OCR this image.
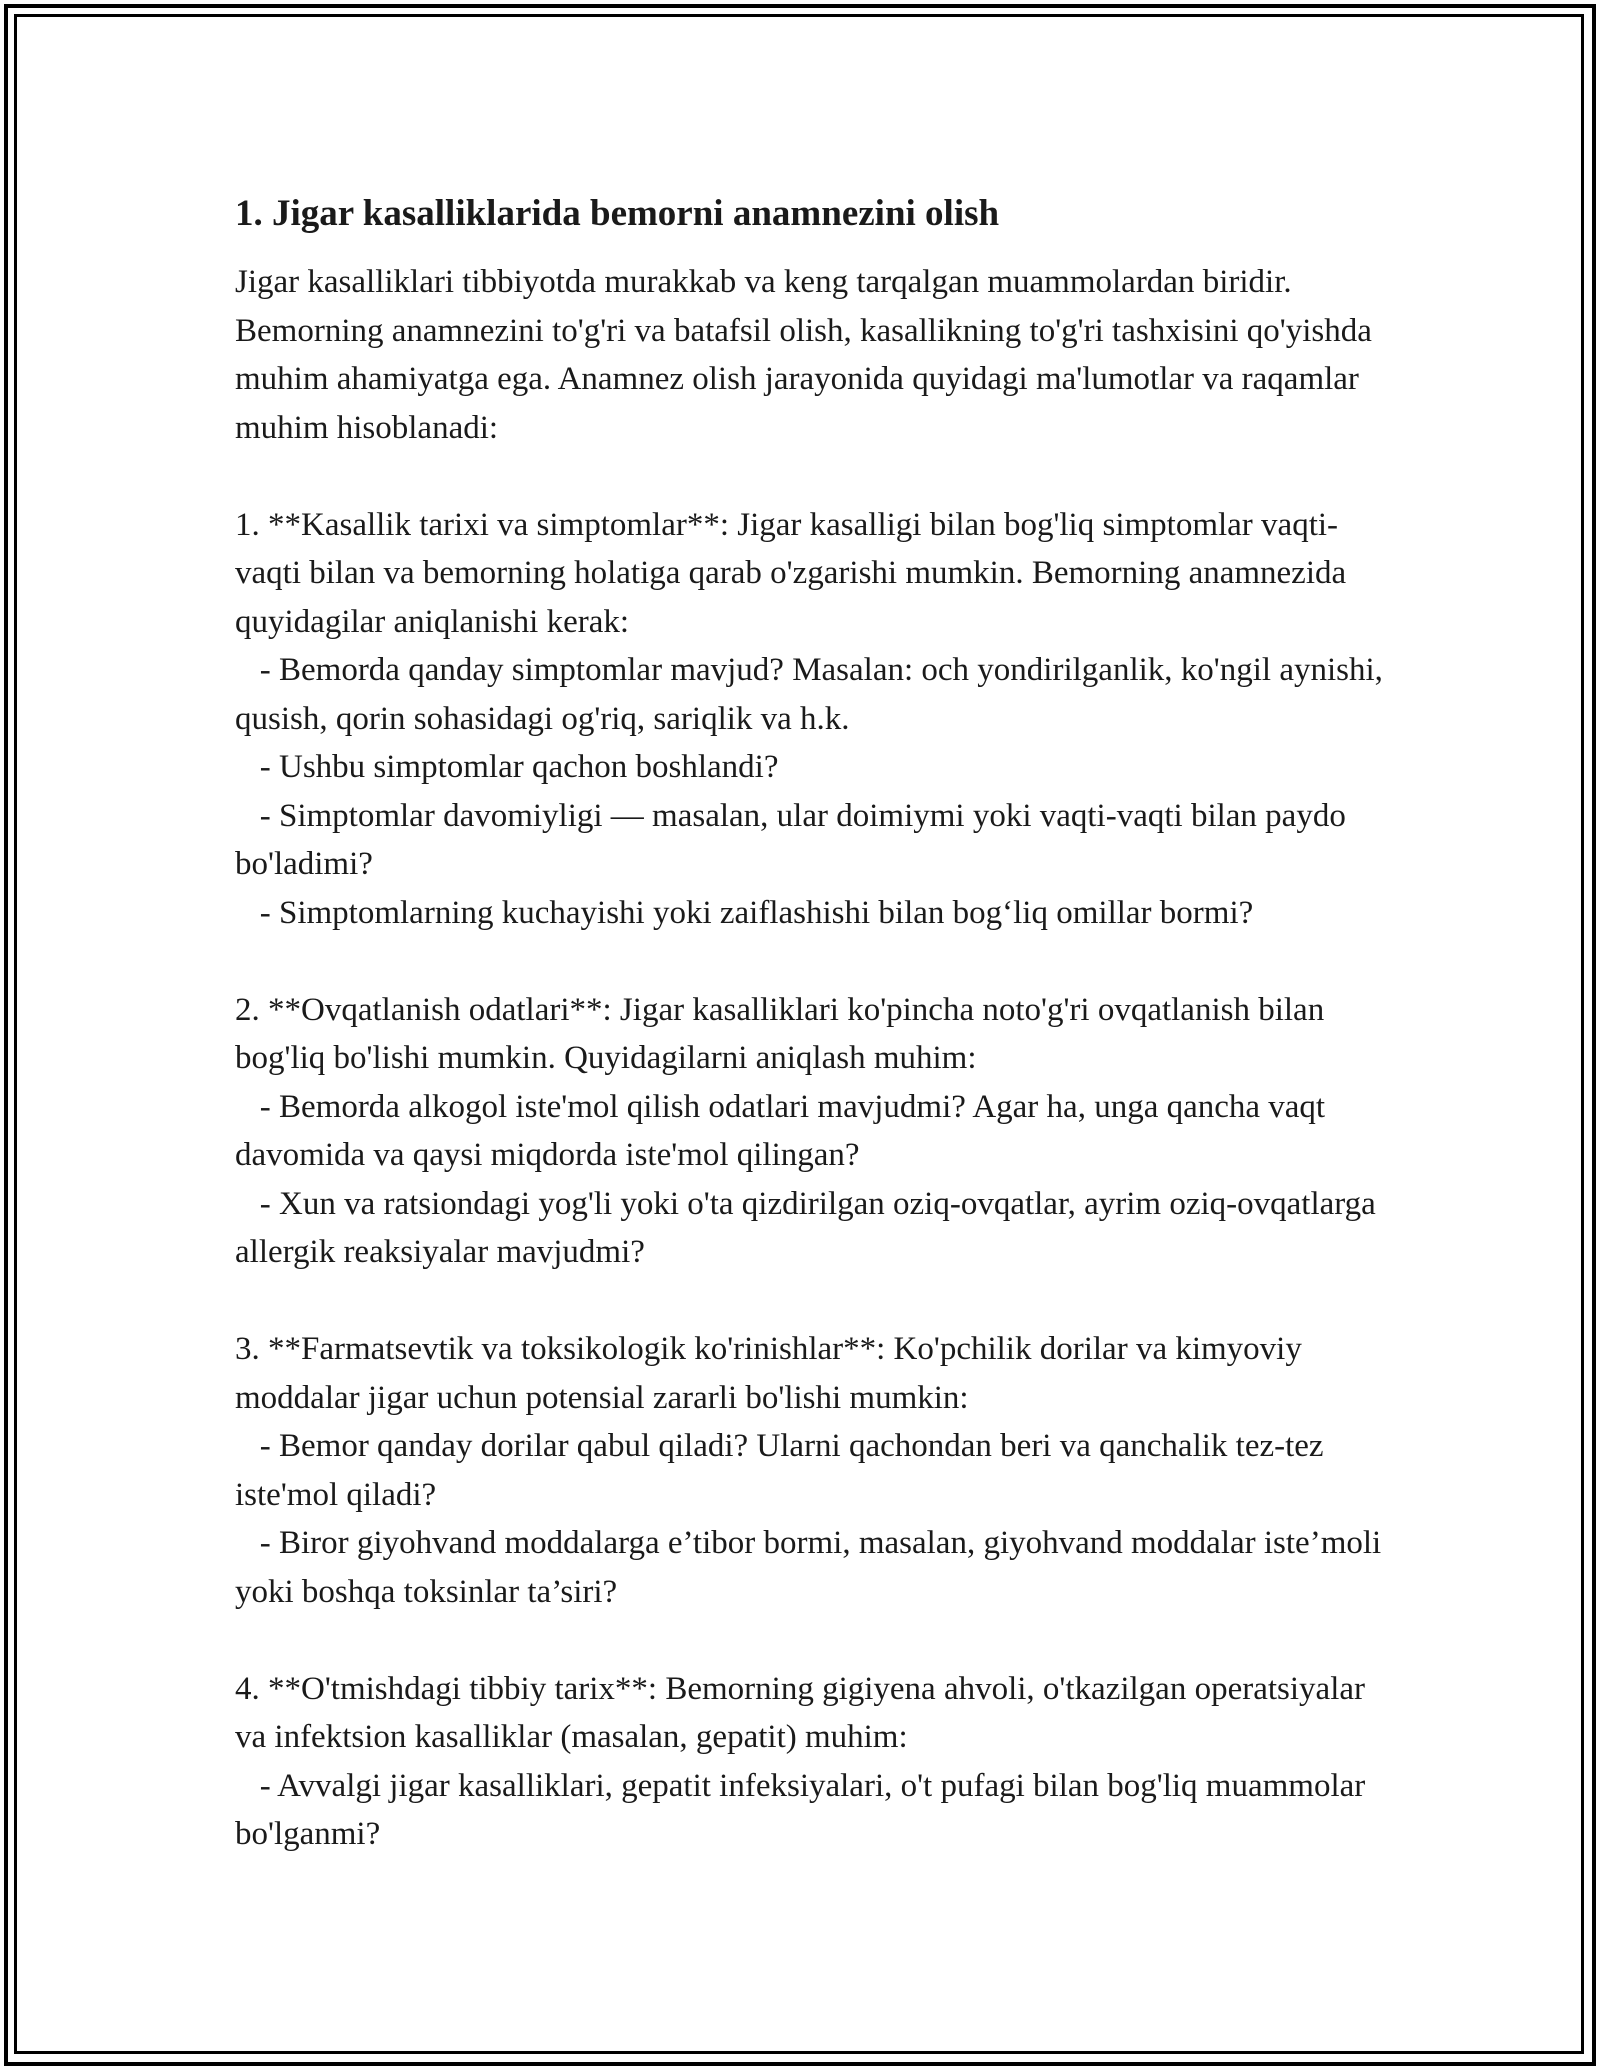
1. Jigar kasalliklarida bemorni anamnezini olish

Jigar kasalliklari tibbiyotda murakkab va keng tarqalgan muammolardan biridir. Bemorning anamnezini to'g'ri va batafsil olish, kasallikning to'g'ri tashxisini qo'yishda muhim ahamiyatga ega. Anamnez olish jarayonida quyidagi ma'lumotlar va raqamlar muhim hisoblanadi:

1. **Kasallik tarixi va simptomlar**: Jigar kasalligi bilan bog'liq simptomlar vaqti-vaqti bilan va bemorning holatiga qarab o'zgarishi mumkin. Bemorning anamnezida quyidagilar aniqlanishi kerak:
- Bemorda qanday simptomlar mavjud? Masalan: och yondirilganlik, ko'ngil aynishi, qusish, qorin sohasidagi og'riq, sariqlik va h.k.
- Ushbu simptomlar qachon boshlandi?
- Simptomlar davomiyligi — masalan, ular doimiymi yoki vaqti-vaqti bilan paydo bo'ladimi?
- Simptomlarning kuchayishi yoki zaiflashishi bilan bog‘liq omillar bormi?

2. **Ovqatlanish odatlari**: Jigar kasalliklari ko'pincha noto'g'ri ovqatlanish bilan bog'liq bo'lishi mumkin. Quyidagilarni aniqlash muhim:
- Bemorda alkogol iste'mol qilish odatlari mavjudmi? Agar ha, unga qancha vaqt davomida va qaysi miqdorda iste'mol qilingan?
- Xun va ratsiondagi yog'li yoki o'ta qizdirilgan oziq-ovqatlar, ayrim oziq-ovqatlarga allergik reaksiyalar mavjudmi?

3. **Farmatsevtik va toksikologik ko'rinishlar**: Ko'pchilik dorilar va kimyoviy moddalar jigar uchun potensial zararli bo'lishi mumkin:
- Bemor qanday dorilar qabul qiladi? Ularni qachondan beri va qanchalik tez-tez iste'mol qiladi?
- Biror giyohvand moddalarga e’tibor bormi, masalan, giyohvand moddalar iste’moli yoki boshqa toksinlar ta’siri?

4. **O'tmishdagi tibbiy tarix**: Bemorning gigiyena ahvoli, o'tkazilgan operatsiyalar va infektsion kasalliklar (masalan, gepatit) muhim:
- Avvalgi jigar kasalliklari, gepatit infeksiyalari, o't pufagi bilan bog'liq muammolar bo'lganmi?
